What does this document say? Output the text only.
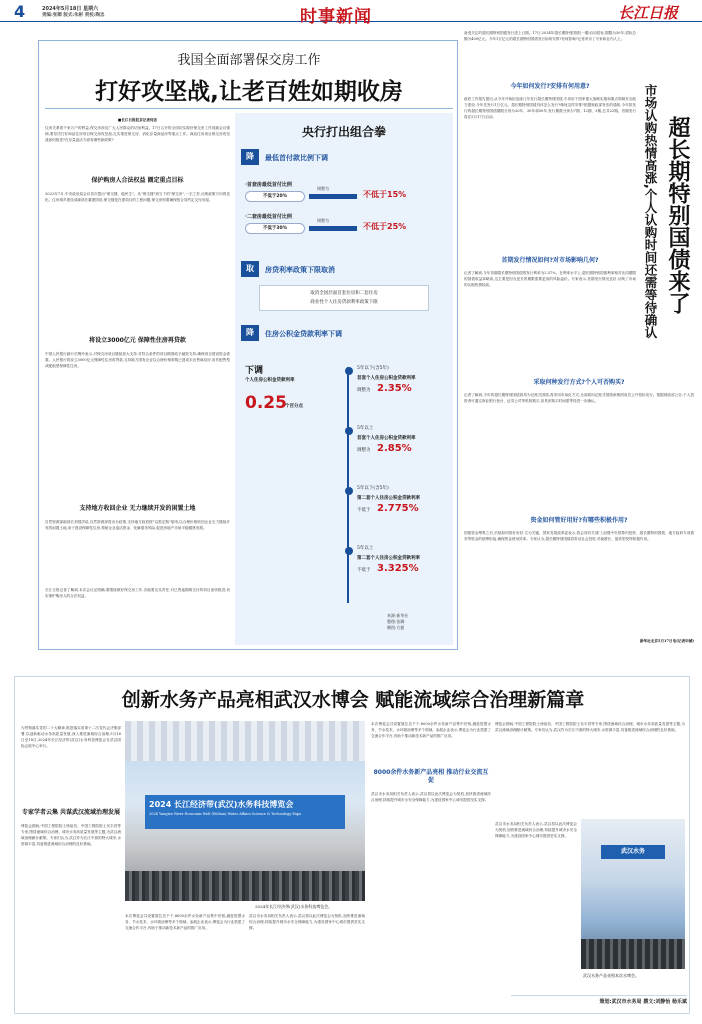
4	2024年5月18日 星期六
责编:张卿 版式:朱彬 责校:陶忠	时事新闻	长江日报
我国全面部署保交房工作
打好攻坚战,让老百姓如期收房
■长江日报驻京记者何忠
住房关系着千家万户的利益,保交房涉及广大人民群众的切身利益。17日召开的全国切实做好保交房工作视频会议强调,要坚决打好商品住房项目保交房攻坚战,扎实推进保交房、消化存量商品房等重点工作。商品住房项目保交房攻坚战如何推进?在存量盘活方面有哪些新政策?
保护购房人合法权益 圈定重点目标
2022年7月,中央政治局会议首次提出"保交楼、稳民生"。从"保交楼"到当下的"保交房",一字之差,反映政策方向的变化。住房城乡建设部副部长董建国说,保交楼是在建项目的工程问题,保交房则要确保按合同约定交付房屋。
将设立3000亿元 保障性住房再贷款
中国人民银行副行长陶玲表示,对保交房项目继续加大支持,对符合条件的项目精准给予融资支持,确保项目建设资金需要。人民银行将设立3000亿元保障性住房再贷款,支持地方国有企业以合理价格收购已建成未出售商品房,用作配售型或配租型保障性住房。
支持地方收回企业 无力继续开发的闲置土地
自然资源部副部长刘国洪说,自然资源部将出台政策,支持地方政府按"以需定购"原则,以合理价格收回企业无力继续开发的闲置土地,用于建设保障性住房,帮助企业盘活资金、化解债务风险,促进房地产市场平稳健康发展。
长江日报记者了解到,本次会议还明确,要继续做好保交房工作,各地要压实责任,对已售逾期难交付的项目加快推进,切实保护购房人的合法权益。
央行打出组合拳
降	最低首付款比例下调
·首套房最低首付比例
不低于20%
调整为
不低于15%
·二套房最低首付比例
不低于30%
调整为
不低于25%
取	房贷利率政策下限取消
取消全国层面首套住房和二套住房
商业性个人住房贷款利率政策下限
降	住房公积金贷款利率下调
下调
个人住房公积金贷款利率
0.25
个百分点
5年以下(含5年)
首套个人住房公积金贷款利率
调整为 2.35%
5年以上
首套个人住房公积金贷款利率
调整为 2.85%
5年以下(含5年)
第二套个人住房公积金贷款利率
不低于 2.775%
5年以上
第二套个人住房公积金贷款利率
不低于 3.325%
来源:新华社
整理:张卿
制图:方慈
超长期特别国债来了
市场认购热情高涨,个人认购时间还需等待确认
备受关注的超长期特别国债发行进上日期。17日,2024年超长期特别国债(一期)启动招标,期限为30年,招标总额为400亿元。今年1万亿元的超长期特别国债发行如何安排?有何影响?记者采访了专家和业内人士。
今年如何发行?安排有何用意?
政府工作报告提出,从今年开始拟连续几年发行超长期特别国债,专项用于国家重大战略实施和重点领域安全能力建设,今年先发行1万亿元。超长期特别国债具体怎么发行?像何这样安排?根据财政部发布的通知,今年拟发行的超长期特别国债期限分别为20年、30年和50年,发行期数分别为7期、12期、3期,总共22期。首期发行将在5月17日启动。
首期发行情况如何?对市场影响几何?
记者了解到,今年首期超长期特别国债的发行利率为2.57%。在利率水平上,超长期特别国债利率相对比同期限的国债收益率略高,这主要是因为更长的期限需要更高的风险溢价。专家表示,首期发行情况良好,反映了市场的认购热情较高。
采取何种发行方式?个人可否购买?
记者了解到,今年的超长期特别国债将均为记账式国债,将采用市场化方式,全部面向记账式国债承销团成员公开招标发行。根据财政部公告,个人投资者可通过商业银行柜台、证券公司等机构购买,但具体购买时间需等待进一步确认。
资金如何管好用好?有哪些积极作用?
国债资金筹集之后,后续如何管好用好,尤为关键。国家发展改革委表示,将会同有关部门,加强中央预算内投资、超长期特别国债、地方政府专项债券等资金的统筹衔接,确保资金使用效率。专家认为,超长期特别国债将带动社会投资,对稳增长、促转型发挥积极作用。
新华社北京5月17日电(记者申铖)
创新水务产品亮相武汉水博会 赋能流域综合治理新篇章
为贯彻落实党的二十大精神,推进落实省第十二次党代会决策部署,以创新驱动水务高质量发展,深入推进流域综合治理,5月16日至18日,2024年长江经济带(武汉)水务科技博览会在武汉国际会展中心举行。
专家学者云集 共谋武汉流域治理发展
博览会期间,中国工程院院士徐祖信、中国工程院院士吴丰昌等专家,围绕流域综合治理、城市水务高质量发展等主题,为武汉流域治理献计献策。专家们认为,武汉作为长江中游的特大城市,水资源丰富,具备推进流域综合治理的良好基础。
2024 长江经济带(武汉)水务科技博览会
2024 Yangtze River Economic Belt (Wuhan) Water Affairs Science & Technology Expo
2024年长江经济带(武汉)水务科技博览会。
本次博览会共设置展位近千个,8000余件水务新产品集中亮相,涵盖智慧水务、节水技术、水环境治理等多个领域。参展企业表示,博览会为行业搭建了交流合作平台,有助于推动新技术新产品的推广应用。
武汉市水务局相关负责人表示,武汉将以此次博览会为契机,加快推进流域综合治理,持续提升城市水安全保障能力,为建设国家中心城市提供坚实支撑。
本次博览会共设置展位近千个,8000余件水务新产品集中亮相,涵盖智慧水务、节水技术、水环境治理等多个领域。参展企业表示,博览会为行业搭建了交流合作平台,有助于推动新技术新产品的推广应用。
8000余件水务新产品亮相 推动行业交流互促
武汉市水务局相关负责人表示,武汉将以此次博览会为契机,加快推进流域综合治理,持续提升城市水安全保障能力,为建设国家中心城市提供坚实支撑。
博览会期间,中国工程院院士徐祖信、中国工程院院士吴丰昌等专家,围绕流域综合治理、城市水务高质量发展等主题,为武汉流域治理献计献策。专家们认为,武汉作为长江中游的特大城市,水资源丰富,具备推进流域综合治理的良好基础。
武汉水务
武汉水务产品亮相本次水博会。
武汉市水务局相关负责人表示,武汉将以此次博览会为契机,加快推进流域综合治理,持续提升城市水安全保障能力,为建设国家中心城市提供坚实支撑。
策划:武汉市水务局 撰文:刘静怡 杨乐斌
